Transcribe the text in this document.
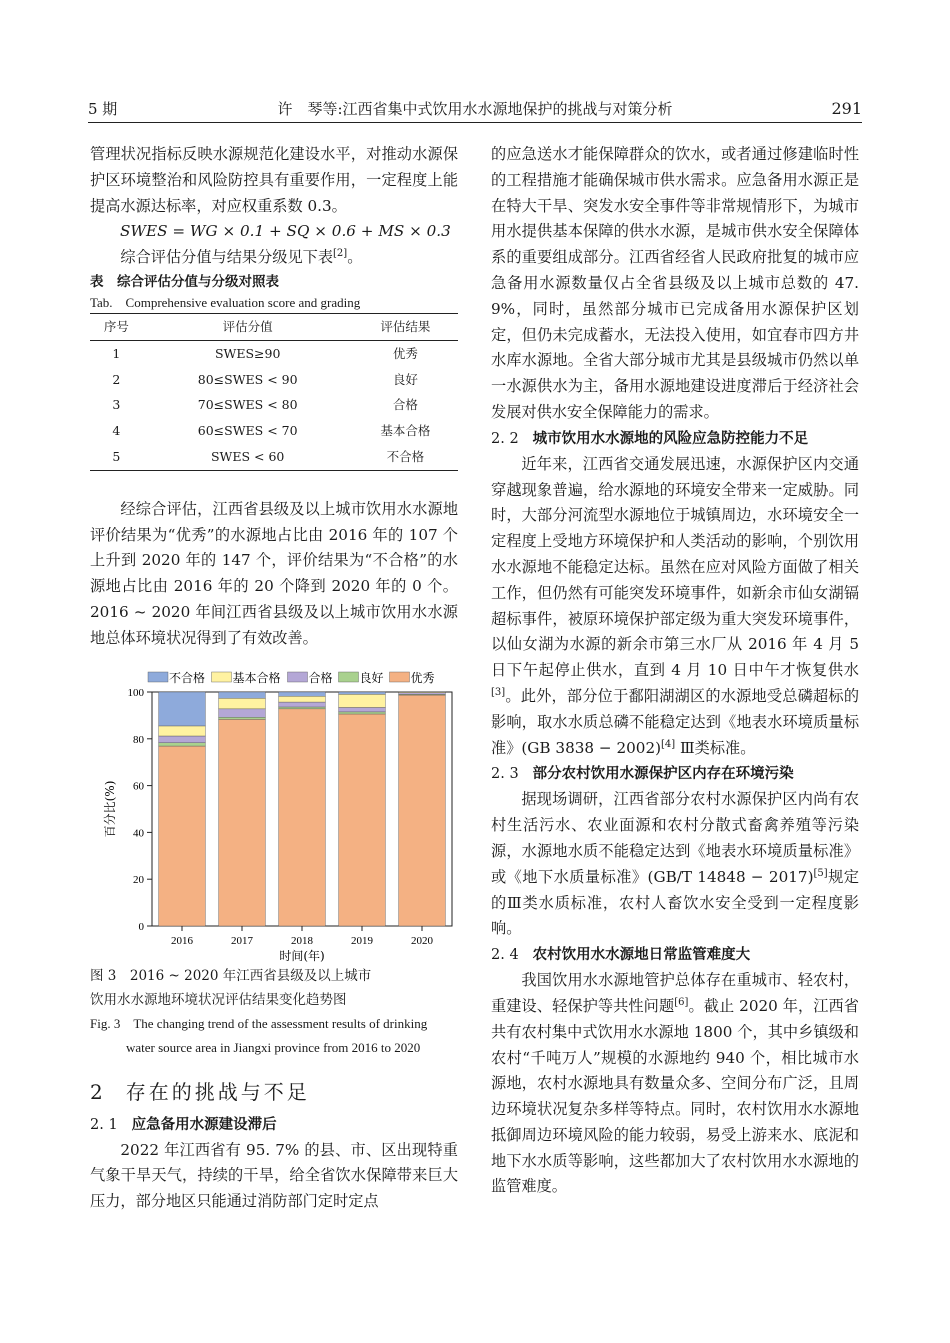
5 期	许　琴等:江西省集中式饮用水水源地保护的挑战与对策分析	291

管理状况指标反映水源规范化建设水平，对推动水源保护区环境整治和风险防控具有重要作用，一定程度上能提高水源达标率，对应权重系数 0.3。

SWES = WG × 0.1 + SQ × 0.6 + MS × 0.3

综合评估分值与结果分级见下表[2]。

表　综合评估分值与分级对照表

Tab.　Comprehensive evaluation score and grading

序号	评估分值	评估结果
1	SWES≥90	优秀
2	80≤SWES < 90	良好
3	70≤SWES < 80	合格
4	60≤SWES < 70	基本合格
5	SWES < 60	不合格

经综合评估，江西省县级及以上城市饮用水水源地评价结果为“优秀”的水源地占比由 2016 年的 107 个上升到 2020 年的 147 个，评价结果为“不合格”的水源地占比由 2016 年的 20 个降到 2020 年的 0 个。2016 ~ 2020 年间江西省县级及以上城市饮用水水源地总体环境状况得到了有效改善。

0
20
40
60
80
100
2016	2017	2018	2019	2020
时间(年)
百分比(%)
不合格 基本合格 合格 良好 优秀

图 3　2016 ~ 2020 年江西省县级及以上城市
饮用水水源地环境状况评估结果变化趋势图

Fig. 3　The changing trend of the assessment results of drinking
water source area in Jiangxi province from 2016 to 2020

2 存在的挑战与不足
2. 1 应急备用水源建设滞后

2022 年江西省有 95. 7% 的县、市、区出现特重气象干旱天气，持续的干旱，给全省饮水保障带来巨大压力，部分地区只能通过消防部门定时定点

的应急送水才能保障群众的饮水，或者通过修建临时性的工程措施才能确保城市供水需求。应急备用水源正是在特大干旱、突发水安全事件等非常规情形下，为城市用水提供基本保障的供水水源，是城市供水安全保障体系的重要组成部分。江西省经省人民政府批复的城市应急备用水源数量仅占全省县级及以上城市总数的 47. 9%，同时，虽然部分城市已完成备用水源保护区划定，但仍未完成蓄水，无法投入使用，如宜春市四方井水库水源地。全省大部分城市尤其是县级城市仍然以单一水源供水为主，备用水源地建设进度滞后于经济社会发展对供水安全保障能力的需求。

2. 2 城市饮用水水源地的风险应急防控能力不足

近年来，江西省交通发展迅速，水源保护区内交通穿越现象普遍，给水源地的环境安全带来一定威胁。同时，大部分河流型水源地位于城镇周边，水环境安全一定程度上受地方环境保护和人类活动的影响，个别饮用水水源地不能稳定达标。虽然在应对风险方面做了相关工作，但仍然有可能突发环境事件，如新余市仙女湖镉超标事件，被原环境保护部定级为重大突发环境事件，以仙女湖为水源的新余市第三水厂从 2016 年 4 月 5 日下午起停止供水，直到 4 月 10 日中午才恢复供水[3]。此外，部分位于鄱阳湖湖区的水源地受总磷超标的影响，取水水质总磷不能稳定达到《地表水环境质量标准》(GB 3838 − 2002)[4] Ⅲ类标准。

2. 3 部分农村饮用水源保护区内存在环境污染

据现场调研，江西省部分农村水源保护区内尚有农村生活污水、农业面源和农村分散式畜禽养殖等污染源，水源地水质不能稳定达到《地表水环境质量标准》或《地下水质量标准》(GB/T 14848 − 2017)[5]规定的Ⅲ类水质标准，农村人畜饮水安全受到一定程度影响。

2. 4 农村饮用水水源地日常监管难度大

我国饮用水水源地管护总体存在重城市、轻农村，重建设、轻保护等共性问题[6]。截止 2020 年，江西省共有农村集中式饮用水水源地 1800 个，其中乡镇级和农村“千吨万人”规模的水源地约 940 个，相比城市水源地，农村水源地具有数量众多、空间分布广泛，且周边环境状况复杂多样等特点。同时，农村饮用水水源地抵御周边环境风险的能力较弱，易受上游来水、底泥和地下水水质等影响，这些都加大了农村饮用水水源地的监管难度。
